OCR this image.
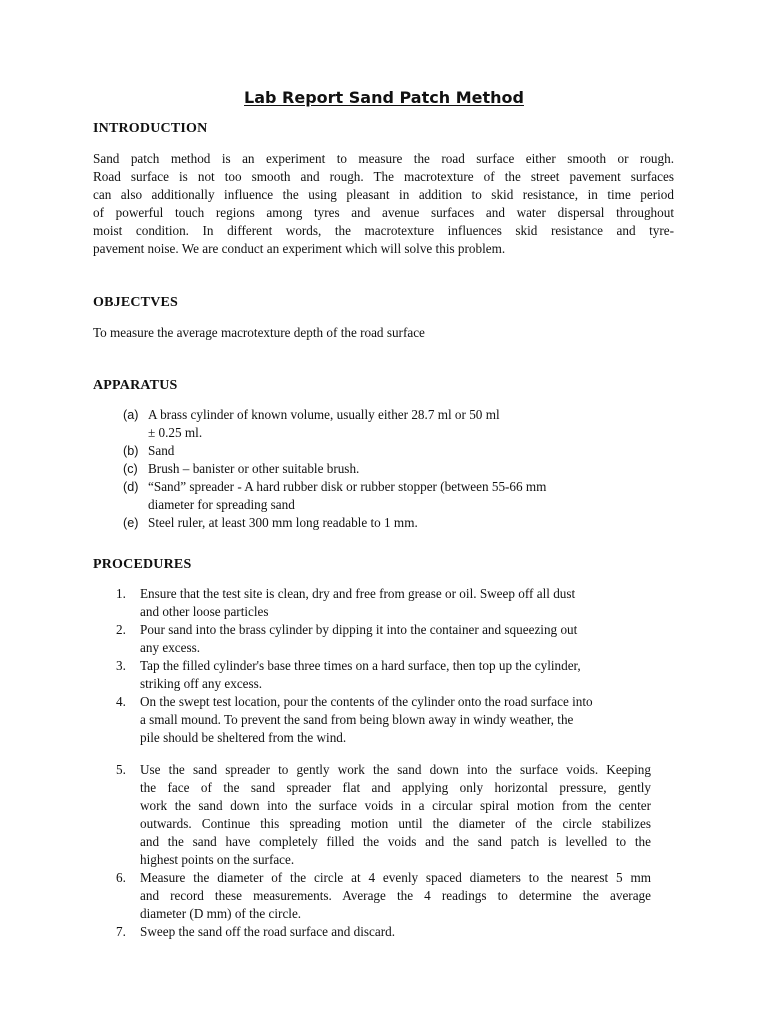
Lab Report Sand Patch Method
INTRODUCTION
Sand patch method is an experiment to measure the road surface either smooth or rough.
Road surface is not too smooth and rough. The macrotexture of the street pavement surfaces
can also additionally influence the using pleasant in addition to skid resistance, in time period
of powerful touch regions among tyres and avenue surfaces and water dispersal throughout
moist condition. In different words, the macrotexture influences skid resistance and tyre-
pavement noise. We are conduct an experiment which will solve this problem.
OBJECTVES
To measure the average macrotexture depth of the road surface
APPARATUS
(a) A brass cylinder of known volume, usually either 28.7 ml or 50 ml
± 0.25 ml.
(b) Sand
(c) Brush – banister or other suitable brush.
(d) “Sand” spreader - A hard rubber disk or rubber stopper (between 55-66 mm
diameter for spreading sand
(e) Steel ruler, at least 300 mm long readable to 1 mm.
PROCEDURES
1. Ensure that the test site is clean, dry and free from grease or oil. Sweep off all dust
and other loose particles
2. Pour sand into the brass cylinder by dipping it into the container and squeezing out
any excess.
3. Tap the filled cylinder's base three times on a hard surface, then top up the cylinder,
striking off any excess.
4. On the swept test location, pour the contents of the cylinder onto the road surface into
a small mound. To prevent the sand from being blown away in windy weather, the
pile should be sheltered from the wind.
5. Use the sand spreader to gently work the sand down into the surface voids. Keeping
the face of the sand spreader flat and applying only horizontal pressure, gently
work the sand down into the surface voids in a circular spiral motion from the center
outwards. Continue this spreading motion until the diameter of the circle stabilizes
and the sand have completely filled the voids and the sand patch is levelled to the
highest points on the surface.
6. Measure the diameter of the circle at 4 evenly spaced diameters to the nearest 5 mm
and record these measurements. Average the 4 readings to determine the average
diameter (D mm) of the circle.
7. Sweep the sand off the road surface and discard.
